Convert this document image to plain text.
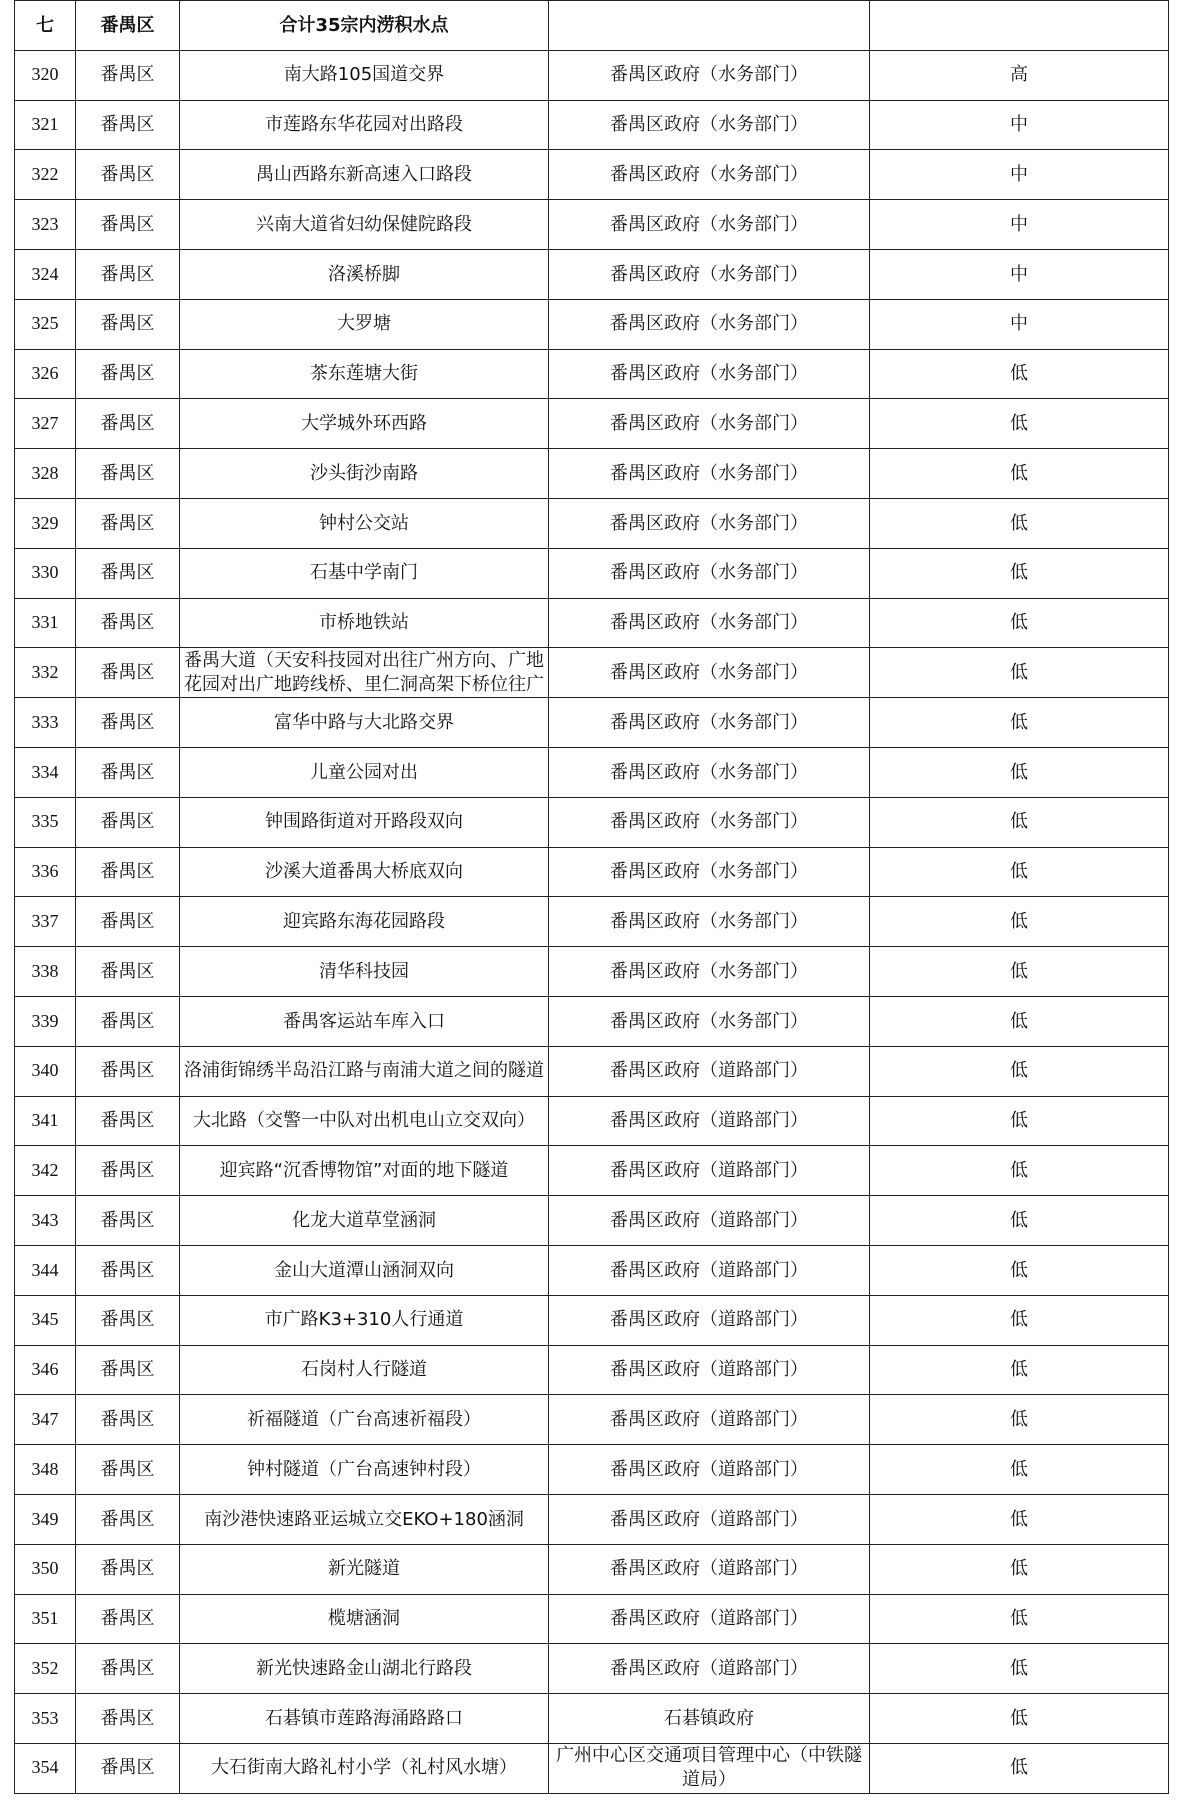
七	番禺区	合计35宗内涝积水点		
320	番禺区	南大路105国道交界	番禺区政府（水务部门）	高
321	番禺区	市莲路东华花园对出路段	番禺区政府（水务部门）	中
322	番禺区	禺山西路东新高速入口路段	番禺区政府（水务部门）	中
323	番禺区	兴南大道省妇幼保健院路段	番禺区政府（水务部门）	中
324	番禺区	洛溪桥脚	番禺区政府（水务部门）	中
325	番禺区	大罗塘	番禺区政府（水务部门）	中
326	番禺区	茶东莲塘大街	番禺区政府（水务部门）	低
327	番禺区	大学城外环西路	番禺区政府（水务部门）	低
328	番禺区	沙头街沙南路	番禺区政府（水务部门）	低
329	番禺区	钟村公交站	番禺区政府（水务部门）	低
330	番禺区	石基中学南门	番禺区政府（水务部门）	低
331	番禺区	市桥地铁站	番禺区政府（水务部门）	低
332	番禺区	番禺大道（天安科技园对出往广州方向、广地花园对出广地跨线桥、里仁洞高架下桥位往广	番禺区政府（水务部门）	低
333	番禺区	富华中路与大北路交界	番禺区政府（水务部门）	低
334	番禺区	儿童公园对出	番禺区政府（水务部门）	低
335	番禺区	钟围路街道对开路段双向	番禺区政府（水务部门）	低
336	番禺区	沙溪大道番禺大桥底双向	番禺区政府（水务部门）	低
337	番禺区	迎宾路东海花园路段	番禺区政府（水务部门）	低
338	番禺区	清华科技园	番禺区政府（水务部门）	低
339	番禺区	番禺客运站车库入口	番禺区政府（水务部门）	低
340	番禺区	洛浦街锦绣半岛沿江路与南浦大道之间的隧道	番禺区政府（道路部门）	低
341	番禺区	大北路（交警一中队对出机电山立交双向）	番禺区政府（道路部门）	低
342	番禺区	迎宾路“沉香博物馆”对面的地下隧道	番禺区政府（道路部门）	低
343	番禺区	化龙大道草堂涵洞	番禺区政府（道路部门）	低
344	番禺区	金山大道潭山涵洞双向	番禺区政府（道路部门）	低
345	番禺区	市广路K3+310人行通道	番禺区政府（道路部门）	低
346	番禺区	石岗村人行隧道	番禺区政府（道路部门）	低
347	番禺区	祈福隧道（广台高速祈福段）	番禺区政府（道路部门）	低
348	番禺区	钟村隧道（广台高速钟村段）	番禺区政府（道路部门）	低
349	番禺区	南沙港快速路亚运城立交EKO+180涵洞	番禺区政府（道路部门）	低
350	番禺区	新光隧道	番禺区政府（道路部门）	低
351	番禺区	榄塘涵洞	番禺区政府（道路部门）	低
352	番禺区	新光快速路金山湖北行路段	番禺区政府（道路部门）	低
353	番禺区	石碁镇市莲路海涌路路口	石碁镇政府	低
354	番禺区	大石街南大路礼村小学（礼村风水塘）	广州中心区交通项目管理中心（中铁隧道局）	低
